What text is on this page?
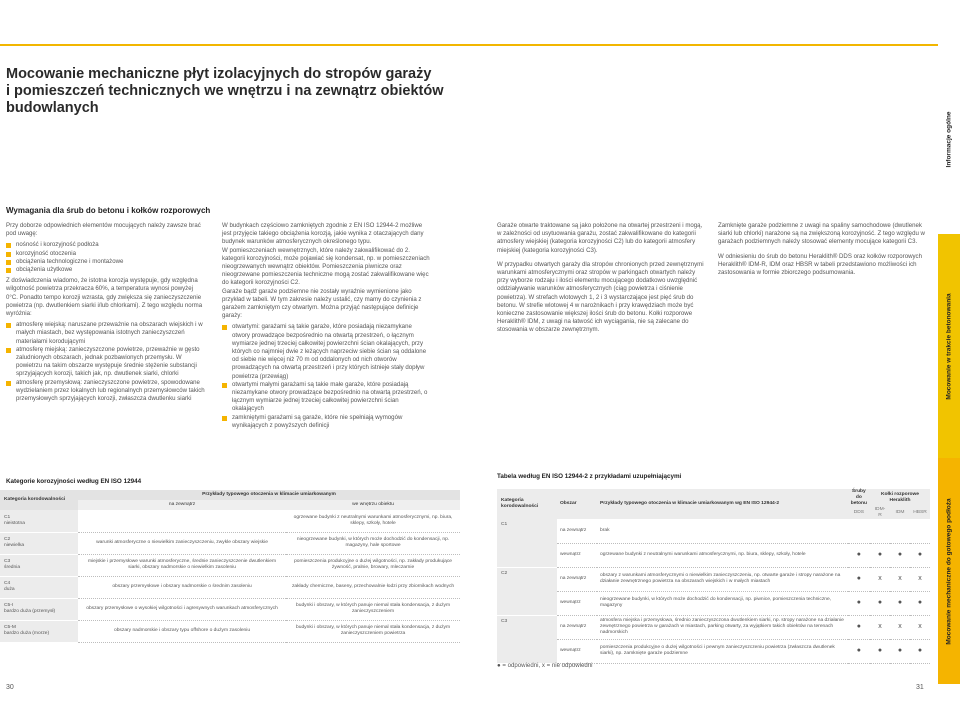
Mocowanie mechaniczne płyt izolacyjnych do stropów garaży
i pomieszczeń technicznych we wnętrzu i na zewnątrz obiektów
budowlanych
Informacje ogólne
Mocowanie w trakcie betonowania
Mocowanie mechaniczne do gotowego podłoża
Wymagania dla śrub do betonu i kołków rozporowych

Przy doborze odpowiednich elementów mocujących należy zawsze brać pod uwagę:

nośność i korozyjność podłoża
korozyjność otoczenia
obciążenia technologiczne i montażowe
obciążenia użytkowe

Z doświadczenia wiadomo, że istotna korozja występuje, gdy względna wilgotność powietrza przekracza 60%, a temperatura wynosi powyżej 0°C. Ponadto tempo korozji wzrasta, gdy zwiększa się zanieczyszczenie powietrza (np. dwutlenkiem siarki i/lub chlorkami). Z tego względu norma wyróżnia:

atmosferę wiejską: naruszane przeważnie na obszarach wiejskich i w małych miastach, bez występowania istotnych zanieczyszczeń materiałami korodującymi
atmosferę miejską: zanieczyszczone powietrze, przeważnie w gęsto zaludnionych obszarach, jednak pozbawionych przemysłu. W powietrzu na takim obszarze występuje średnie stężenie substancji sprzyjających korozji, takich jak, np. dwutlenek siarki, chlorki
atmosferę przemysłową: zanieczyszczone powietrze, spowodowane wydzielaniem przez lokalnych lub regionalnych przemysłowców takich przemysłowych sprzyjających korozji, zwłaszcza dwutlenku siarki

W budynkach częściowo zamkniętych zgodnie z EN ISO 12944-2 możliwe jest przyjęcie takiego obciążenia korozją, jakie wynika z otaczających dany budynek warunków atmosferycznych określonego typu.

W pomieszczeniach wewnętrznych, które należy zakwalifikować do 2. kategorii korozyjności, może pojawiać się kondensat, np. w pomieszczeniach nieogrzewanych wewnątrz obiektów. Pomieszczenia piwnicze oraz nieogrzewane pomieszczenia techniczne mogą zostać zakwalifikowane więc do kategorii korozyjności C2.

Garaże bądź garaże podziemne nie zostały wyraźnie wymienione jako przykład w tabeli. W tym zakresie należy ustalić, czy mamy do czynienia z garażem zamkniętym czy otwartym. Można przyjąć następujące definicje garaży:

otwartymi: garażami są takie garaże, które posiadają niezamykane otwory prowadzące bezpośrednio na otwartą przestrzeń, o łącznym wymiarze jednej trzeciej całkowitej powierzchni ścian okalających, przy których co najmniej dwie z leżących naprzeciw siebie ścian są oddalone od siebie nie więcej niż 70 m od oddalonych od nich otworów prowadzących na otwartą przestrzeń i przy których istnieje stały dopływ powietrza (przewiąg)
otwartymi małymi garażami są takie małe garaże, które posiadają niezamykane otwory prowadzące bezpośrednio na otwartą przestrzeń, o łącznym wymiarze jednej trzeciej całkowitej powierzchni ścian okalających
zamkniętymi garażami są garaże, które nie spełniają wymogów wynikających z powyższych definicji

Garaże otwarte traktowane są jako położone na otwartej przestrzeni i mogą, w zależności od usytuowania garażu, zostać zakwalifikowane do kategorii atmosfery wiejskiej (kategoria korozyjności C2) lub do kategorii atmosfery miejskiej (kategoria korozyjności C3).

W przypadku otwartych garaży dla stropów chronionych przed zewnętrznymi warunkami atmosferycznymi oraz stropów w parkingach otwartych należy przy wyborze rodzaju i ilości elementu mocującego dodatkowo uwzględnić oddziaływanie warunków atmosferycznych (ciąg powietrza i ciśnienie powietrza). W strefach wlotowych 1, 2 i 3 wystarczające jest pięć śrub do betonu. W strefie wlotowej 4 w narożnikach i przy krawędziach może być konieczne zastosowanie większej ilości śrub do betonu. Kołki rozporowe Heraklith® IDM, z uwagi na łatwość ich wyciągania, nie są zalecane do stosowania w obszarze zewnętrznym.

Zamknięte garaże podziemne z uwagi na spaliny samochodowe (dwutlenek siarki lub chlorki) narażone są na zwiększoną korozyjność. Z tego względu w garażach podziemnych należy stosować elementy mocujące kategorii C3.

W odniesieniu do śrub do betonu Heraklith® DDS oraz kołków rozporowych Heraklith® IDM-R, IDM oraz HBSR w tabeli przedstawiono możliwości ich zastosowania w formie zbiorczego podsumowania.

Kategorie korozyjności według EN ISO 12944
Kategoria korodowalności	Przykłady typowego otoczenia w klimacie umiarkowanym	
	na zewnątrz	we wnętrzu obiektu

C1
nieistotna		ogrzewane budynki z neutralnymi warunkami atmosferycznymi, np. biura, sklepy, szkoły, hotele

C2
niewielka	warunki atmosferyczne o niewielkim zanieczyszczeniu, zwykle obszary wiejskie	nieogrzewane budynki, w których może dochodzić do kondensacji, np. magazyny, hale sportowe

C3
średnia	miejskie i przemysłowe warunki atmosferyczne, średnie zanieczyszczenie dwutlenkiem siarki, obszary nadmorskie o niewielkim zasoleniu	pomieszczenia produkcyjne o dużej wilgotności, np. zakłady produkujące żywność, pralnie, browary, mleczarnie

C4
duża	obszary przemysłowe i obszary nadmorskie o średnim zasoleniu	zakłady chemiczne, baseny, przechowalnie łodzi przy zbiornikach wodnych

C5-I
bardzo duża (przemysł)	obszary przemysłowe o wysokiej wilgotności i agresywnych warunkach atmosferycznych	budynki i obszary, w których panuje niemal stała kondensacja, z dużym zanieczyszczeniem

C5-M
bardzo duża (morze)	obszary nadmorskie i obszary typu offshore o dużym zasoleniu	budynki i obszary, w których panuje niemal stała kondensacja, z dużym zanieczyszczeniem powietrza
Tabela według EN ISO 12944-2 z przykładami uzupełniającymi
Kategoria korodowalności	Obszar	Przykłady typowego otoczenia w klimacie umiarkowanym wg EN ISO 12944-2	Śruby do betonu	Kołki rozporowe Heraklith		
			DDS	IDM-R	IDM	HBSR
C1	na zewnątrz	brak				
	wewnątrz	ogrzewane budynki z neutralnymi warunkami atmosferycznymi, np. biura, sklepy, szkoły, hotele	●	●	●	●
C2	na zewnątrz	obszary z warunkami atmosferycznymi o niewielkim zanieczyszczeniu, np. otwarte garaże i stropy narażone na działanie zewnętrznego powietrza na obszarach wiejskich i w małych miastach	●	x	x	x
	wewnątrz	nieogrzewane budynki, w których może dochodzić do kondensacji, np. piwnice, pomieszczenia techniczne, magazyny	●	●	●	●
C3	na zewnątrz	atmosfera miejska i przemysłowa, średnio zanieczyszczona dwutlenkiem siarki, np. stropy narażone na działanie zewnętrznego powietrza w garażach w miastach, parking otwarty, za wyjątkiem takich obiektów na terenach nadmorskich	●	x	x	x
	wewnątrz	pomieszczenia produkcyjne o dużej wilgotności i pewnym zanieczyszczeniu powietrza (zwłaszcza dwutlenek siarki), np. zamknięte garaże podziemne	●	●	●	●
● = odpowiedni, x = nie odpowiedni
30	31
